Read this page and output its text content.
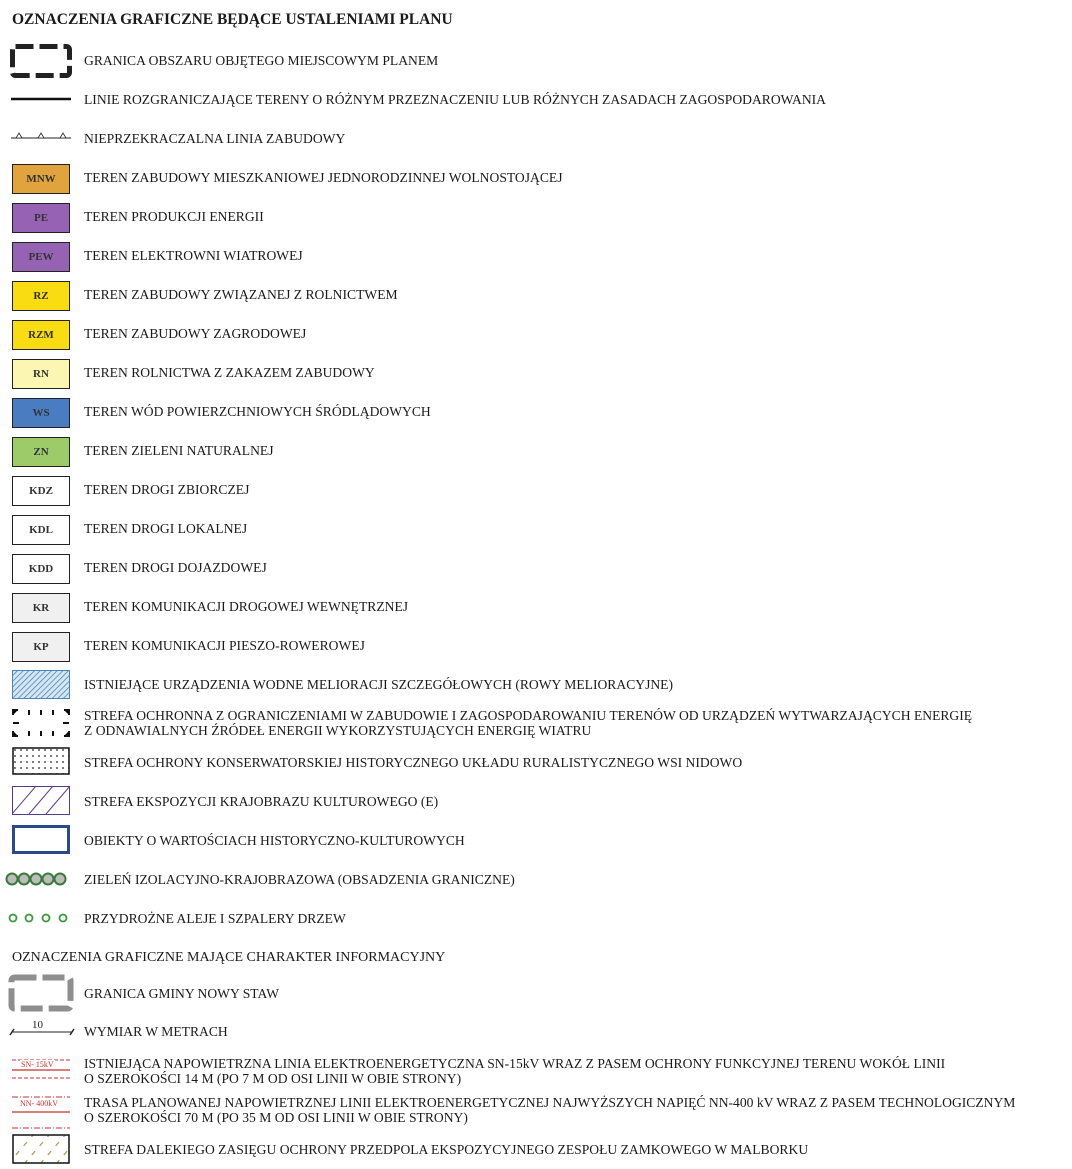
OZNACZENIA GRAFICZNE BĘDĄCE USTALENIAMI PLANU
GRANICA OBSZARU OBJĘTEGO MIEJSCOWYM PLANEM
LINIE ROZGRANICZAJĄCE TERENY O RÓŻNYM PRZEZNACZENIU LUB RÓŻNYCH ZASADACH ZAGOSPODAROWANIA
NIEPRZEKRACZALNA LINIA ZABUDOWY
MNW TEREN ZABUDOWY MIESZKANIOWEJ JEDNORODZINNEJ WOLNOSTOJĄCEJ
PE	TEREN PRODUKCJI ENERGII
PEW TEREN ELEKTROWNI WIATROWEJ
RZ	TEREN ZABUDOWY ZWIĄZANEJ Z ROLNICTWEM
RZM TEREN ZABUDOWY ZAGRODOWEJ
RN	TEREN ROLNICTWA Z ZAKAZEM ZABUDOWY
WS	TEREN WÓD POWIERZCHNIOWYCH ŚRÓDLĄDOWYCH
ZN	TEREN ZIELENI NATURALNEJ
KDZ TEREN DROGI ZBIORCZEJ
KDL TEREN DROGI LOKALNEJ
KDD TEREN DROGI DOJAZDOWEJ
KR	TEREN KOMUNIKACJI DROGOWEJ WEWNĘTRZNEJ
KP	TEREN KOMUNIKACJI PIESZO-ROWEROWEJ
ISTNIEJĄCE URZĄDZENIA WODNE MELIORACJI SZCZEGÓŁOWYCH (ROWY MELIORACYJNE)
STREFA OCHRONNA Z OGRANICZENIAMI W ZABUDOWIE I ZAGOSPODAROWANIU TERENÓW OD URZĄDZEŃ WYTWARZAJĄCYCH ENERGIĘ
Z ODNAWIALNYCH ŹRÓDEŁ ENERGII WYKORZYSTUJĄCYCH ENERGIĘ WIATRU
STREFA OCHRONY KONSERWATORSKIEJ HISTORYCZNEGO UKŁADU RURALISTYCZNEGO WSI NIDOWO
STREFA EKSPOZYCJI KRAJOBRAZU KULTUROWEGO (E)
OBIEKTY O WARTOŚCIACH HISTORYCZNO-KULTUROWYCH
ZIELEŃ IZOLACYJNO-KRAJOBRAZOWA (OBSADZENIA GRANICZNE)
PRZYDROŻNE ALEJE I SZPALERY DRZEW
OZNACZENIA GRAFICZNE MAJĄCE CHARAKTER INFORMACYJNY
GRANICA GMINY NOWY STAW
10	WYMIAR W METRACH
SN- 15kV ISTNIEJĄCA NAPOWIETRZNA LINIA ELEKTROENERGETYCZNA SN-15kV WRAZ Z PASEM OCHRONY FUNKCYJNEJ TERENU WOKÓŁ LINII
O SZEROKOŚCI 14 M (PO 7 M OD OSI LINII W OBIE STRONY)
NN- 400kV TRASA PLANOWANEJ NAPOWIETRZNEJ LINII ELEKTROENERGETYCZNEJ NAJWYŻSZYCH NAPIĘĆ NN-400 kV WRAZ Z PASEM TECHNOLOGICZNYM
O SZEROKOŚCI 70 M (PO 35 M OD OSI LINII W OBIE STRONY)
STREFA DALEKIEGO ZASIĘGU OCHRONY PRZEDPOLA EKSPOZYCYJNEGO ZESPOŁU ZAMKOWEGO W MALBORKU
